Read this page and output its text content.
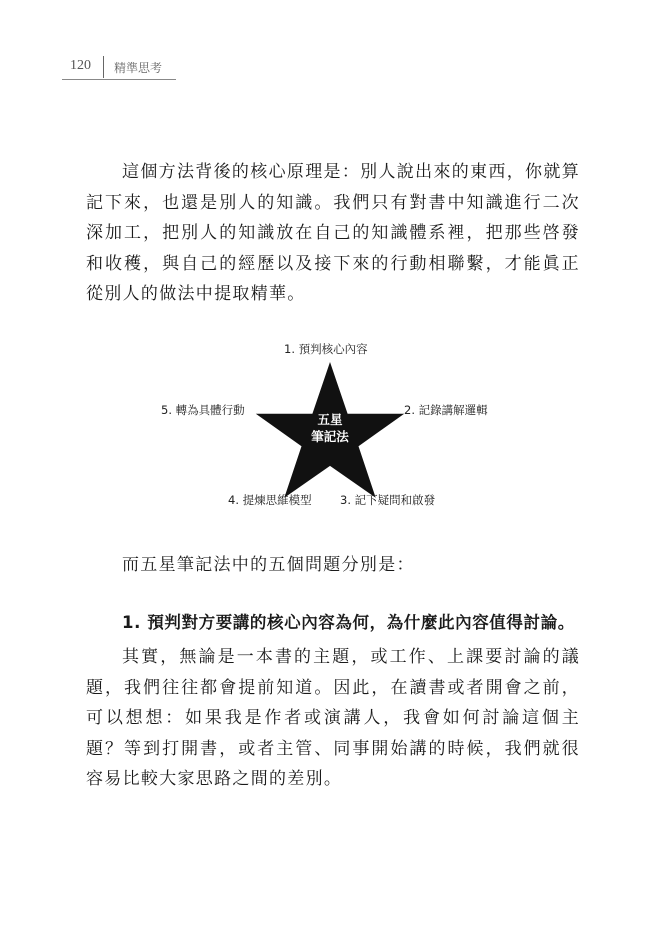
120 精準思考

這個方法背後的核心原理是：別人說出來的東西，你就算記下來，也還是別人的知識。我們只有對書中知識進行二次深加工，把別人的知識放在自己的知識體系裡，把那些啓發和收穫，與自己的經歷以及接下來的行動相聯繫，才能眞正從別人的做法中提取精華。

1. 預判核心內容
2. 記錄講解邏輯
3. 記下疑問和啟發
4. 提煉思維模型
5. 轉為具體行動
五星
筆記法

而五星筆記法中的五個問題分別是：

1. 預判對方要講的核心內容為何，為什麼此內容值得討論。

其實，無論是一本書的主題，或工作、上課要討論的議題，我們往往都會提前知道。因此，在讀書或者開會之前，可以想想：如果我是作者或演講人，我會如何討論這個主題？等到打開書，或者主管、同事開始講的時候，我們就很容易比較大家思路之間的差別。
